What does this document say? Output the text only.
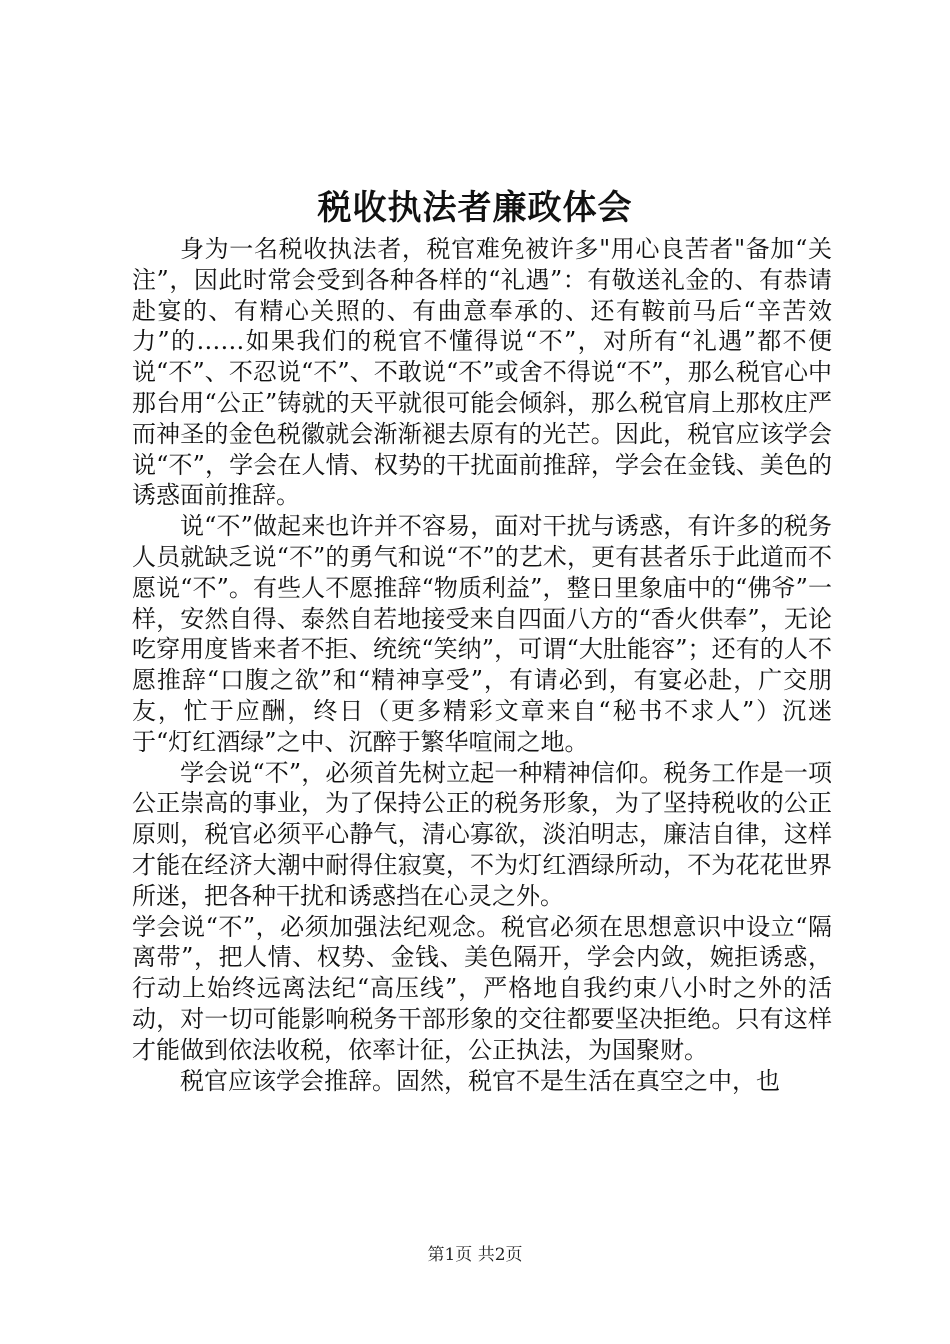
税收执法者廉政体会

身为一名税收执法者，税官难免被许多"用心良苦者"备加“关注”，因此时常会受到各种各样的“礼遇”：有敬送礼金的、有恭请赴宴的、有精心关照的、有曲意奉承的、还有鞍前马后“辛苦效力”的……如果我们的税官不懂得说“不”，对所有“礼遇”都不便说“不”、不忍说“不”、不敢说“不”或舍不得说“不”，那么税官心中那台用“公正”铸就的天平就很可能会倾斜，那么税官肩上那枚庄严而神圣的金色税徽就会渐渐褪去原有的光芒。因此，税官应该学会说“不”，学会在人情、权势的干扰面前推辞，学会在金钱、美色的诱惑面前推辞。

说“不”做起来也许并不容易，面对干扰与诱惑，有许多的税务人员就缺乏说“不”的勇气和说“不”的艺术，更有甚者乐于此道而不愿说“不”。有些人不愿推辞“物质利益”，整日里象庙中的“佛爷”一样，安然自得、泰然自若地接受来自四面八方的“香火供奉”，无论吃穿用度皆来者不拒、统统“笑纳”，可谓“大肚能容”；还有的人不愿推辞“口腹之欲”和“精神享受”，有请必到，有宴必赴，广交朋友，忙于应酬，终日（更多精彩文章来自“秘书不求人”）沉迷于“灯红酒绿”之中、沉醉于繁华喧闹之地。

学会说“不”，必须首先树立起一种精神信仰。税务工作是一项公正崇高的事业，为了保持公正的税务形象，为了坚持税收的公正原则，税官必须平心静气，清心寡欲，淡泊明志，廉洁自律，这样才能在经济大潮中耐得住寂寞，不为灯红酒绿所动，不为花花世界所迷，把各种干扰和诱惑挡在心灵之外。

学会说“不”，必须加强法纪观念。税官必须在思想意识中设立“隔离带”，把人情、权势、金钱、美色隔开，学会内敛，婉拒诱惑，行动上始终远离法纪“高压线”，严格地自我约束八小时之外的活动，对一切可能影响税务干部形象的交往都要坚决拒绝。只有这样才能做到依法收税，依率计征，公正执法，为国聚财。

税官应该学会推辞。固然，税官不是生活在真空之中，也

第1页 共2页
